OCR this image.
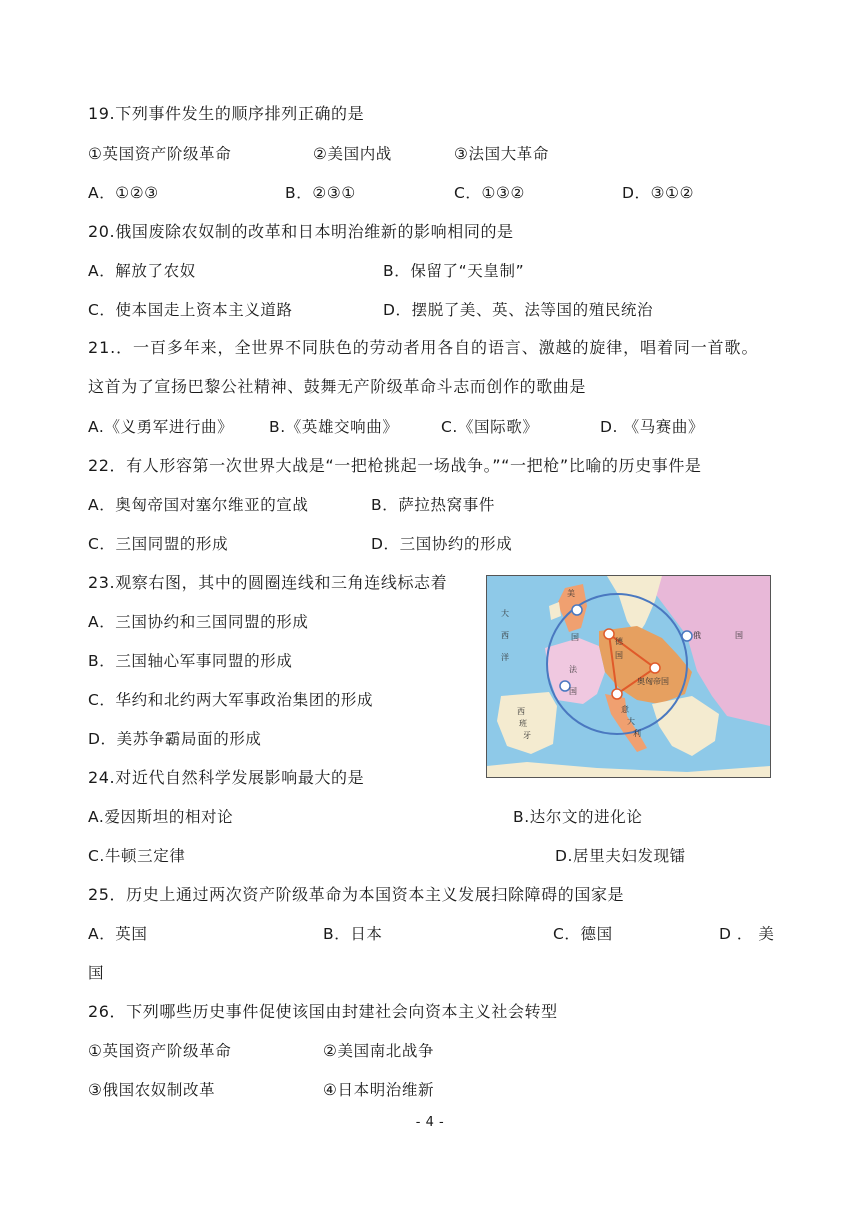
19.下列事件发生的顺序排列正确的是
①英国资产阶级革命	②美国内战	③法国大革命
A．①②③	B．②③①	C．①③②	D．③①②
20.俄国废除农奴制的改革和日本明治维新的影响相同的是
A．解放了农奴	B．保留了“天皇制”
C．使本国走上资本主义道路	D．摆脱了美、英、法等国的殖民统治
21.．一百多年来，全世界不同肤色的劳动者用各自的语言、激越的旋律，唱着同一首歌。
这首为了宣扬巴黎公社精神、鼓舞无产阶级革命斗志而创作的歌曲是
A.《义勇军进行曲》 B.《英雄交响曲》	C.《国际歌》	D. 《马赛曲》
22．有人形容第一次世界大战是“一把枪挑起一场战争。”“一把枪”比喻的历史事件是
A．奥匈帝国对塞尔维亚的宣战	B．萨拉热窝事件
C．三国同盟的形成	D．三国协约的形成
23.观察右图，其中的圆圈连线和三角连线标志着
A．三国协约和三国同盟的形成
B．三国轴心军事同盟的形成
C．华约和北约两大军事政治集团的形成
D．美苏争霸局面的形成
美
大
西
洋
国
法
国
德
国
奥匈帝国
俄	国
意
大
利
西
班
牙
24.对近代自然科学发展影响最大的是
A.爱因斯坦的相对论	B.达尔文的进化论
C.牛顿三定律	D.居里夫妇发现镭
25．历史上通过两次资产阶级革命为本国资本主义发展扫除障碍的国家是
A．英国	B．日本	C．德国	D．美
国
26．下列哪些历史事件促使该国由封建社会向资本主义社会转型
①英国资产阶级革命	②美国南北战争
③俄国农奴制改革	④日本明治维新
- 4 -
